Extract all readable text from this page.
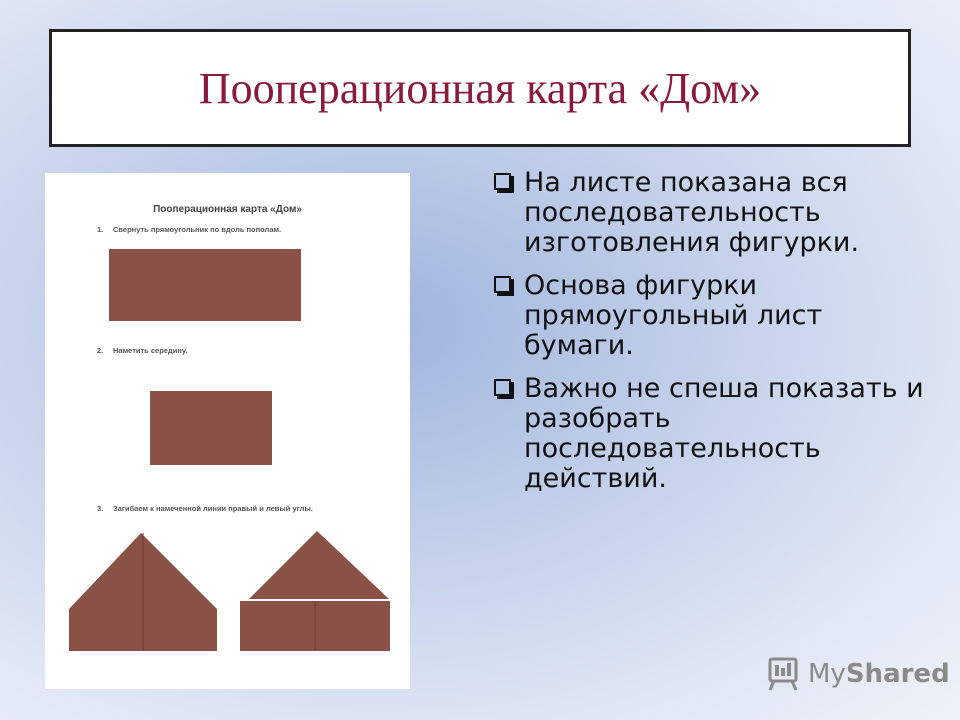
Пооперационная карта «Дом»
Пооперационная карта «Дом»
1. Свернуть прямоугольник по вдоль пополам.
2. Наметить середину.
3. Загибаем к намеченной линии правый и левый углы.
На листе показана вся последовательность изготовления фигурки.
Основа фигурки прямоугольный лист бумаги.
Важно не спеша показать и разобрать последовательность действий.
My Shared
